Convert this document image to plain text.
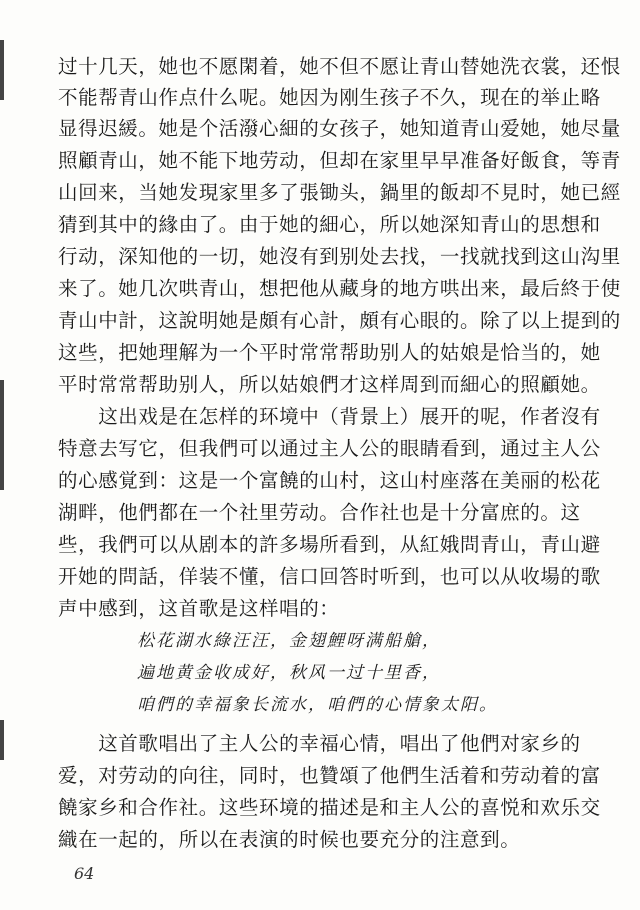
过十几天，她也不愿閑着，她不但不愿让青山替她洗衣裳，还恨
不能帮青山作点什么呢。她因为刚生孩子不久，现在的举止略
显得迟緩。她是个活潑心細的女孩子，她知道青山爱她，她尽量
照顧青山，她不能下地劳动，但却在家里早早准备好飯食，等青
山回来，当她发現家里多了張锄头，鍋里的飯却不見时，她已經
猜到其中的緣由了。由于她的細心，所以她深知青山的思想和
行动，深知他的一切，她沒有到别处去找，一找就找到这山沟里
来了。她几次哄青山，想把他从藏身的地方哄出来，最后終于使
青山中計，这說明她是頗有心計，頗有心眼的。除了以上提到的
这些，把她理解为一个平时常常帮助别人的姑娘是恰当的，她
平时常常帮助别人，所以姑娘們才这样周到而細心的照顧她。
　　这出戏是在怎样的环境中（背景上）展开的呢，作者沒有
特意去写它，但我們可以通过主人公的眼睛看到，通过主人公
的心感覚到：这是一个富饒的山村，这山村座落在美丽的松花
湖畔，他們都在一个社里劳动。合作社也是十分富庶的。这
些，我們可以从剧本的許多場所看到，从紅娥問青山，青山避
开她的問話，佯装不懂，信口回答时听到，也可以从收場的歌
声中感到，这首歌是这样唱的：
松花湖水綠汪汪，金翅鯉呀满船艙，
遍地黄金收成好，秋风一过十里香，
咱們的幸福象长流水，咱們的心情象太阳。
　　这首歌唱出了主人公的幸福心情，唱出了他們对家乡的
爱，对劳动的向往，同时，也贊頌了他們生活着和劳动着的富
饒家乡和合作社。这些环境的描述是和主人公的喜悦和欢乐交
織在一起的，所以在表演的时候也要充分的注意到。
64
